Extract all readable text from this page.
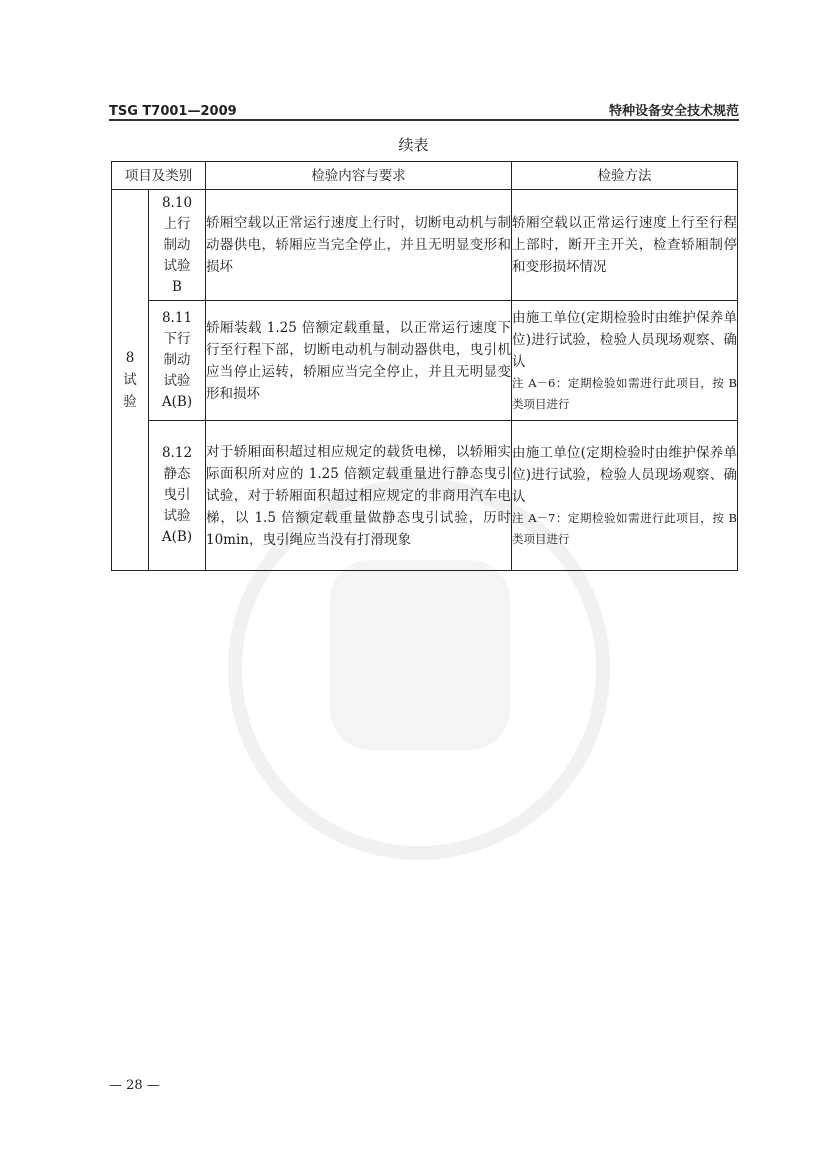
TSG T7001—2009	特种设备安全技术规范
续表
项目及类别		检验内容与要求	检验方法
8
试
验	8.10
上行
制动
试验
B	轿厢空载以正常运行速度上行时，切断电动机与制动器供电，轿厢应当完全停止，并且无明显变形和损坏	轿厢空载以正常运行速度上行至行程上部时，断开主开关，检查轿厢制停和变形损坏情况
	8.11
下行
制动
试验
A(B)	轿厢装载 1.25 倍额定载重量，以正常运行速度下行至行程下部，切断电动机与制动器供电，曳引机应当停止运转，轿厢应当完全停止，并且无明显变形和损坏	由施工单位(定期检验时由维护保养单位)进行试验，检验人员现场观察、确认
注 A－6：定期检验如需进行此项目，按 B 类项目进行

	8.12
静态
曳引
试验
A(B)	对于轿厢面积超过相应规定的载货电梯，以轿厢实际面积所对应的 1.25 倍额定载重量进行静态曳引试验，对于轿厢面积超过相应规定的非商用汽车电梯，以 1.5 倍额定载重量做静态曳引试验，历时 10min，曳引绳应当没有打滑现象	由施工单位(定期检验时由维护保养单位)进行试验，检验人员现场观察、确认
注 A－7：定期检验如需进行此项目，按 B 类项目进行
— 28 —
